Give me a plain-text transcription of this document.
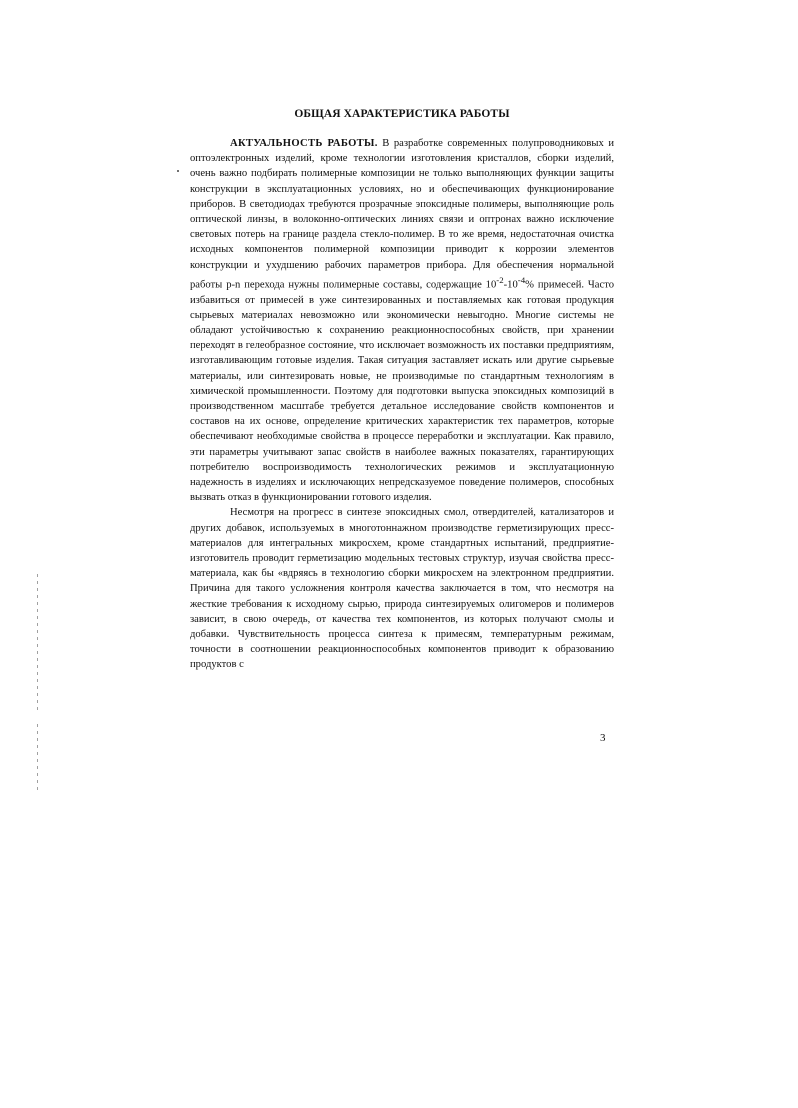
ОБЩАЯ ХАРАКТЕРИСТИКА РАБОТЫ

АКТУАЛЬНОСТЬ РАБОТЫ. В разработке современных полупроводниковых и оптоэлектронных изделий, кроме технологии изготовления кристаллов, сборки изделий, очень важно подбирать полимерные композиции не только выполняющих функции защиты конструкции в эксплуатационных условиях, но и обеспечивающих функционирование приборов. В светодиодах требуются прозрачные эпоксидные полимеры, выполняющие роль оптической линзы, в волоконно-оптических линиях связи и оптронах важно исключение световых потерь на границе раздела стекло-полимер. В то же время, недостаточная очистка исходных компонентов полимерной композиции приводит к коррозии элементов конструкции и ухудшению рабочих параметров прибора. Для обеспечения нормальной работы p-n перехода нужны полимерные составы, содержащие $10^{-2}-10^{-4}\%$ примесей. Часто избавиться от примесей в уже синтезированных и поставляемых как готовая продукция сырьевых материалах невозможно или экономически невыгодно. Многие системы не обладают устойчивостью к сохранению реакционноспособных свойств, при хранении переходят в гелеобразное состояние, что исключает возможность их поставки предприятиям, изготавливающим готовые изделия. Такая ситуация заставляет искать или другие сырьевые материалы, или синтезировать новые, не производимые по стандартным технологиям в химической промышленности. Поэтому для подготовки выпуска эпоксидных композиций в производственном масштабе требуется детальное исследование свойств компонентов и составов на их основе, определение критических характеристик тех параметров, которые обеспечивают необходимые свойства в процессе переработки и эксплуатации. Как правило, эти параметры учитывают запас свойств в наиболее важных показателях, гарантирующих потребителю воспроизводимость технологических режимов и эксплуатационную надежность в изделиях и исключающих непредсказуемое поведение полимеров, способных вызвать отказ в функционировании готового изделия.

Несмотря на прогресс в синтезе эпоксидных смол, отвердителей, катализаторов и других добавок, используемых в многотоннажном производстве герметизирующих пресс-материалов для интегральных микросхем, кроме стандартных испытаний, предприятие-изготовитель проводит герметизацию модельных тестовых структур, изучая свойства пресс-материала, как бы «вдряясь в технологию сборки микросхем на электронном предприятии. Причина для такого усложнения контроля качества заключается в том, что несмотря на жесткие требования к исходному сырью, природа синтезируемых олигомеров и полимеров зависит, в свою очередь, от качества тех компонентов, из которых получают смолы и добавки. Чувствительность процесса синтеза к примесям, температурным режимам, точности в соотношении реакционноспособных компонентов приводит к образованию продуктов с

3
